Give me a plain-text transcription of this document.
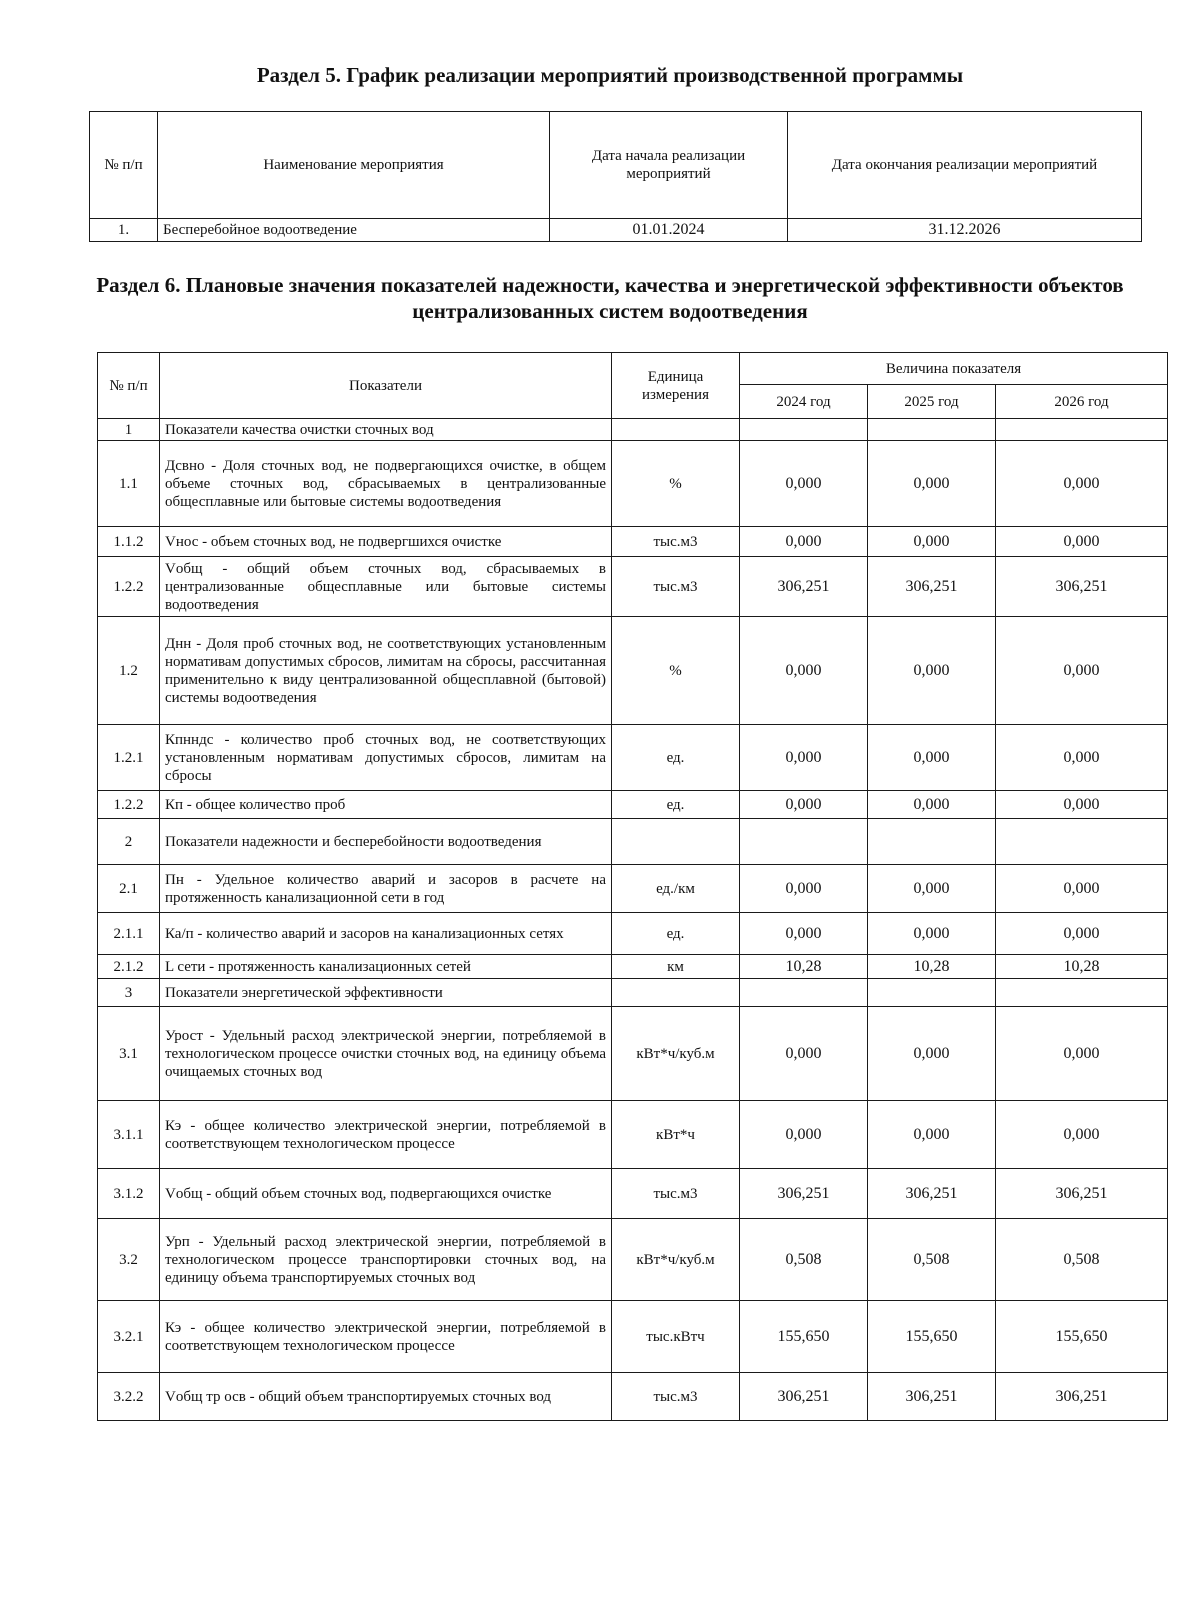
Раздел 5. График реализации мероприятий производственной программы
№ п/п	Наименование мероприятия	Дата начала реализации мероприятий	Дата окончания реализации мероприятий
1.	Бесперебойное водоотведение	01.01.2024	31.12.2026
Раздел 6. Плановые значения показателей надежности, качества и энергетической эффективности объектов централизованных систем водоотведения
№ п/п	Показатели	Единица измерения	Величина показателя		
			2024 год	2025 год	2026 год
1	Показатели качества очистки сточных вод				
1.1	Дсвно - Доля сточных вод, не подвергающихся очистке, в общем объеме сточных вод, сбрасываемых в централизованные общесплавные или бытовые системы водоотведения	%	0,000	0,000	0,000
1.1.2	Vнос - объем сточных вод, не подвергшихся очистке	тыс.м3	0,000	0,000	0,000
1.2.2	Vобщ - общий объем сточных вод, сбрасываемых в централизованные общесплавные или бытовые системы водоотведения	тыс.м3	306,251	306,251	306,251
1.2	Днн - Доля проб сточных вод, не соответствующих установленным нормативам допустимых сбросов, лимитам на сбросы, рассчитанная применительно к виду централизованной общесплавной (бытовой) системы водоотведения	%	0,000	0,000	0,000
1.2.1	Кпнндс - количество проб сточных вод, не соответствующих установленным нормативам допустимых сбросов, лимитам на сбросы	ед.	0,000	0,000	0,000
1.2.2	Кп - общее количество проб	ед.	0,000	0,000	0,000
2	Показатели надежности и бесперебойности водоотведения				
2.1	Пн - Удельное количество аварий и засоров в расчете на протяженность канализационной сети в год	ед./км	0,000	0,000	0,000
2.1.1	Ка/п - количество аварий и засоров на канализационных сетях	ед.	0,000	0,000	0,000
2.1.2	L сети - протяженность канализационных сетей	км	10,28	10,28	10,28
3	Показатели энергетической эффективности				
3.1	Урост - Удельный расход электрической энергии, потребляемой в технологическом процессе очистки сточных вод, на единицу объема очищаемых сточных вод	кВт*ч/куб.м	0,000	0,000	0,000
3.1.1	Кэ - общее количество электрической энергии, потребляемой в соответствующем технологическом процессе	кВт*ч	0,000	0,000	0,000
3.1.2	Vобщ - общий объем сточных вод, подвергающихся очистке	тыс.м3	306,251	306,251	306,251
3.2	Урп - Удельный расход электрической энергии, потребляемой в технологическом процессе транспортировки сточных вод, на единицу объема транспортируемых сточных вод	кВт*ч/куб.м	0,508	0,508	0,508
3.2.1	Кэ - общее количество электрической энергии, потребляемой в соответствующем технологическом процессе	тыс.кВтч	155,650	155,650	155,650
3.2.2	Vобщ тр осв - общий объем транспортируемых сточных вод	тыс.м3	306,251	306,251	306,251
